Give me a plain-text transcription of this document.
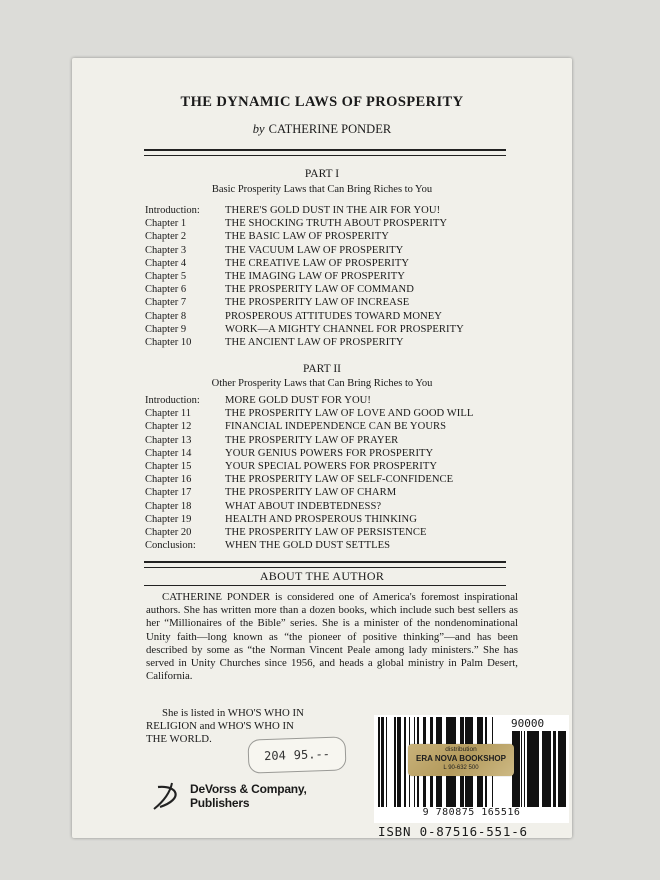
THE DYNAMIC LAWS OF PROSPERITY
by CATHERINE PONDER
PART I
Basic Prosperity Laws that Can Bring Riches to You
Introduction:	THERE'S GOLD DUST IN THE AIR FOR YOU!
Chapter 1	THE SHOCKING TRUTH ABOUT PROSPERITY
Chapter 2	THE BASIC LAW OF PROSPERITY
Chapter 3	THE VACUUM LAW OF PROSPERITY
Chapter 4	THE CREATIVE LAW OF PROSPERITY
Chapter 5	THE IMAGING LAW OF PROSPERITY
Chapter 6	THE PROSPERITY LAW OF COMMAND
Chapter 7	THE PROSPERITY LAW OF INCREASE
Chapter 8	PROSPEROUS ATTITUDES TOWARD MONEY
Chapter 9	WORK—A MIGHTY CHANNEL FOR PROSPERITY
Chapter 10	THE ANCIENT LAW OF PROSPERITY
PART II
Other Prosperity Laws that Can Bring Riches to You
Introduction:	MORE GOLD DUST FOR YOU!
Chapter 11	THE PROSPERITY LAW OF LOVE AND GOOD WILL
Chapter 12	FINANCIAL INDEPENDENCE CAN BE YOURS
Chapter 13	THE PROSPERITY LAW OF PRAYER
Chapter 14	YOUR GENIUS POWERS FOR PROSPERITY
Chapter 15	YOUR SPECIAL POWERS FOR PROSPERITY
Chapter 16	THE PROSPERITY LAW OF SELF-CONFIDENCE
Chapter 17	THE PROSPERITY LAW OF CHARM
Chapter 18	WHAT ABOUT INDEBTEDNESS?
Chapter 19	HEALTH AND PROSPEROUS THINKING
Chapter 20	THE PROSPERITY LAW OF PERSISTENCE
Conclusion:	WHEN THE GOLD DUST SETTLES
ABOUT THE AUTHOR

CATHERINE PONDER is considered one of America's foremost inspirational authors. She has written more than a dozen books, which include such best sellers as her “Millionaires of the Bible” series. She is a minister of the nondenominational Unity faith—long known as “the pioneer of positive thinking”—and has been described by some as “the Norman Vincent Peale among lady ministers.” She has served in Unity Churches since 1956, and heads a global ministry in Palm Desert, California.

She is listed in WHO'S WHO IN
RELIGION and WHO'S WHO IN
THE WORLD.

204 95.--
DeVorss & Company, Publishers
90000
9 780875 165516
distribution
ERA NOVA BOOKSHOP
L 90-632 500
ISBN 0-87516-551-6
